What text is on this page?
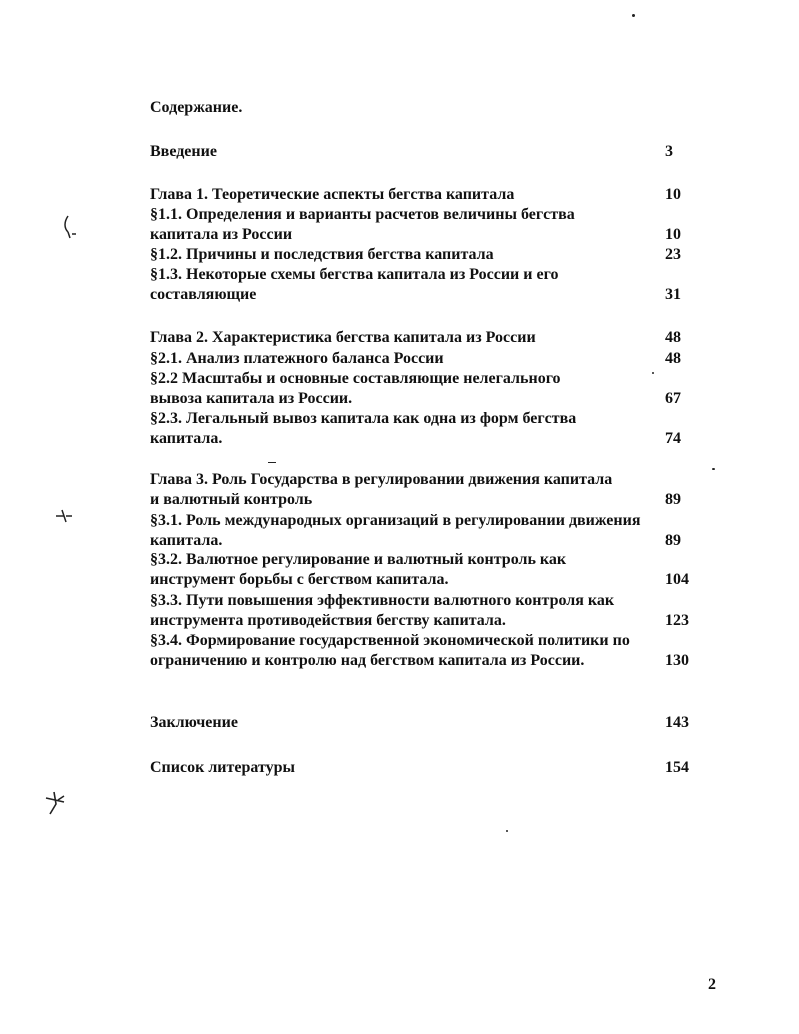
Содержание.
Введение	3
Глава 1. Теоретические аспекты бегства капитала	10
§1.1. Определения и варианты расчетов величины бегства капитала из России	10
§1.2. Причины и последствия бегства капитала	23
§1.3. Некоторые схемы бегства капитала из России и его составляющие	31
Глава 2. Характеристика бегства капитала из России	48
§2.1. Анализ платежного баланса России	48
§2.2 Масштабы и основные составляющие нелегального вывоза капитала из России.	67
§2.3. Легальный вывоз капитала как одна из форм бегства капитала.	74
Глава 3. Роль Государства в регулировании движения капитала и валютный контроль	89
§3.1. Роль международных организаций в регулировании движения капитала.	89
§3.2. Валютное регулирование и валютный контроль как инструмент борьбы с бегством капитала.	104
§3.3. Пути повышения эффективности валютного контроля как инструмента противодействия бегству капитала.	123
§3.4. Формирование государственной экономической политики по ограничению и контролю над бегством капитала из России.	130
Заключение	143
Список литературы	154
2
